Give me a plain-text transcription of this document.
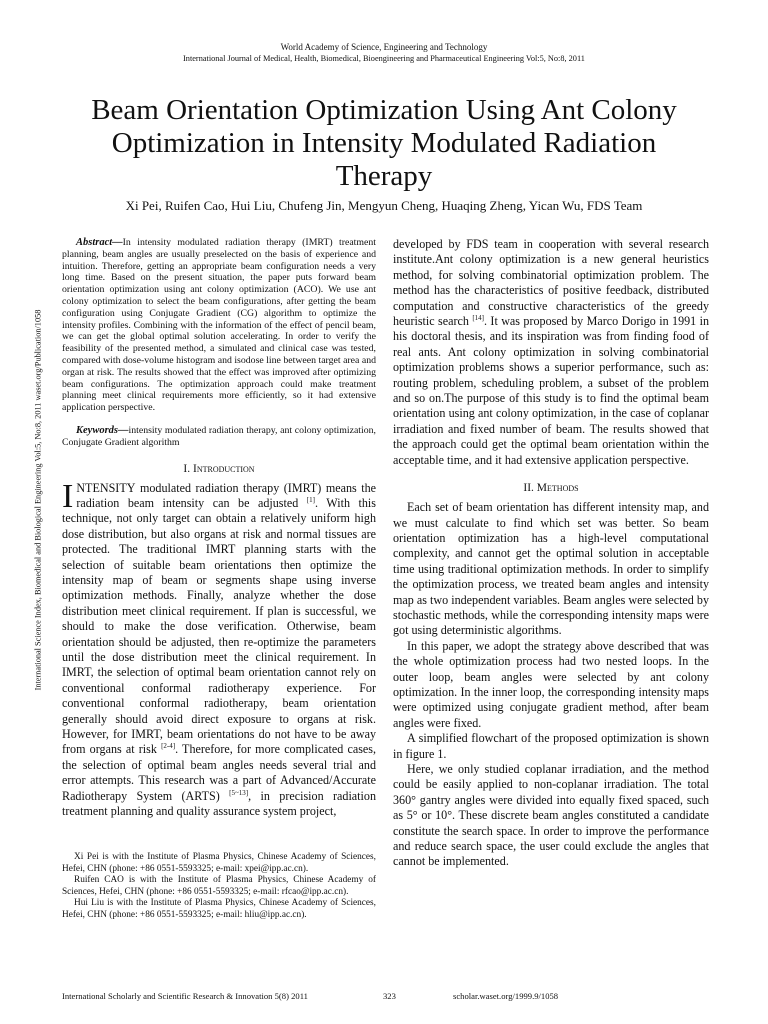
World Academy of Science, Engineering and Technology

International Journal of Medical, Health, Biomedical, Bioengineering and Pharmaceutical Engineering Vol:5, No:8, 2011

Beam Orientation Optimization Using Ant Colony Optimization in Intensity Modulated Radiation Therapy

Xi Pei, Ruifen Cao, Hui Liu, Chufeng Jin, Mengyun Cheng, Huaqing Zheng, Yican Wu, FDS Team

International Science Index, Biomedical and Biological Engineering Vol:5, No:8, 2011 waset.org/Publication/1058

Abstract—In intensity modulated radiation therapy (IMRT) treatment planning, beam angles are usually preselected on the basis of experience and intuition. Therefore, getting an appropriate beam configuration needs a very long time. Based on the present situation, the paper puts forward beam orientation optimization using ant colony optimization (ACO). We use ant colony optimization to select the beam configurations, after getting the beam configuration using Conjugate Gradient (CG) algorithm to optimize the intensity profiles. Combining with the information of the effect of pencil beam, we can get the global optimal solution accelerating. In order to verify the feasibility of the presented method, a simulated and clinical case was tested, compared with dose-volume histogram and isodose line between target area and organ at risk. The results showed that the effect was improved after optimizing beam configurations. The optimization approach could make treatment planning meet clinical requirements more efficiently, so it had extensive application perspective.

Keywords—intensity modulated radiation therapy, ant colony optimization, Conjugate Gradient algorithm

I. Introduction

INTENSITY modulated radiation therapy (IMRT) means the radiation beam intensity can be adjusted [1]. With this technique, not only target can obtain a relatively uniform high dose distribution, but also organs at risk and normal tissues are protected. The traditional IMRT planning starts with the selection of suitable beam orientations then optimize the intensity map of beam or segments shape using inverse optimization methods. Finally, analyze whether the dose distribution meet clinical requirement. If plan is successful, we should to make the dose verification. Otherwise, beam orientation should be adjusted, then re-optimize the parameters until the dose distribution meet the clinical requirement. In IMRT, the selection of optimal beam orientation cannot rely on conventional conformal radiotherapy experience. For conventional conformal radiotherapy, beam orientation generally should avoid direct exposure to organs at risk. However, for IMRT, beam orientations do not have to be away from organs at risk [2-4]. Therefore, for more complicated cases, the selection of optimal beam angles needs several trial and error attempts. This research was a part of Advanced/Accurate Radiotherapy System (ARTS) [5~13], in precision radiation treatment planning and quality assurance system project,

Xi Pei is with the Institute of Plasma Physics, Chinese Academy of Sciences, Hefei, CHN (phone: +86 0551-5593325; e-mail: xpei@ipp.ac.cn).

Ruifen CAO is with the Institute of Plasma Physics, Chinese Academy of Sciences, Hefei, CHN (phone: +86 0551-5593325; e-mail: rfcao@ipp.ac.cn).

Hui Liu is with the Institute of Plasma Physics, Chinese Academy of Sciences, Hefei, CHN (phone: +86 0551-5593325; e-mail: hliu@ipp.ac.cn).

developed by FDS team in cooperation with several research institute.Ant colony optimization is a new general heuristics method, for solving combinatorial optimization problem. The method has the characteristics of positive feedback, distributed computation and constructive characteristics of the greedy heuristic search [14]. It was proposed by Marco Dorigo in 1991 in his doctoral thesis, and its inspiration was from finding food of real ants. Ant colony optimization in solving combinatorial optimization problems shows a superior performance, such as: routing problem, scheduling problem, a subset of the problem and so on.The purpose of this study is to find the optimal beam orientation using ant colony optimization, in the case of coplanar irradiation and fixed number of beam. The results showed that the approach could get the optimal beam orientation within the acceptable time, and it had extensive application perspective.

II. Methods

Each set of beam orientation has different intensity map, and we must calculate to find which set was better. So beam orientation optimization has a high-level computational complexity, and cannot get the optimal solution in acceptable time using traditional optimization methods. In order to simplify the optimization process, we treated beam angles and intensity map as two independent variables. Beam angles were selected by stochastic methods, while the corresponding intensity maps were got using deterministic algorithms.

In this paper, we adopt the strategy above described that was the whole optimization process had two nested loops. In the outer loop, beam angles were selected by ant colony optimization. In the inner loop, the corresponding intensity maps were optimized using conjugate gradient method, after beam angles were fixed.

A simplified flowchart of the proposed optimization is shown in figure 1.

Here, we only studied coplanar irradiation, and the method could be easily applied to non-coplanar irradiation. The total 360° gantry angles were divided into equally fixed spaced, such as 5° or 10°. These discrete beam angles constituted a candidate constitute the search space. In order to improve the performance and reduce search space, the user could exclude the angles that cannot be implemented.

International Scholarly and Scientific Research & Innovation 5(8) 2011	323	scholar.waset.org/1999.9/1058
